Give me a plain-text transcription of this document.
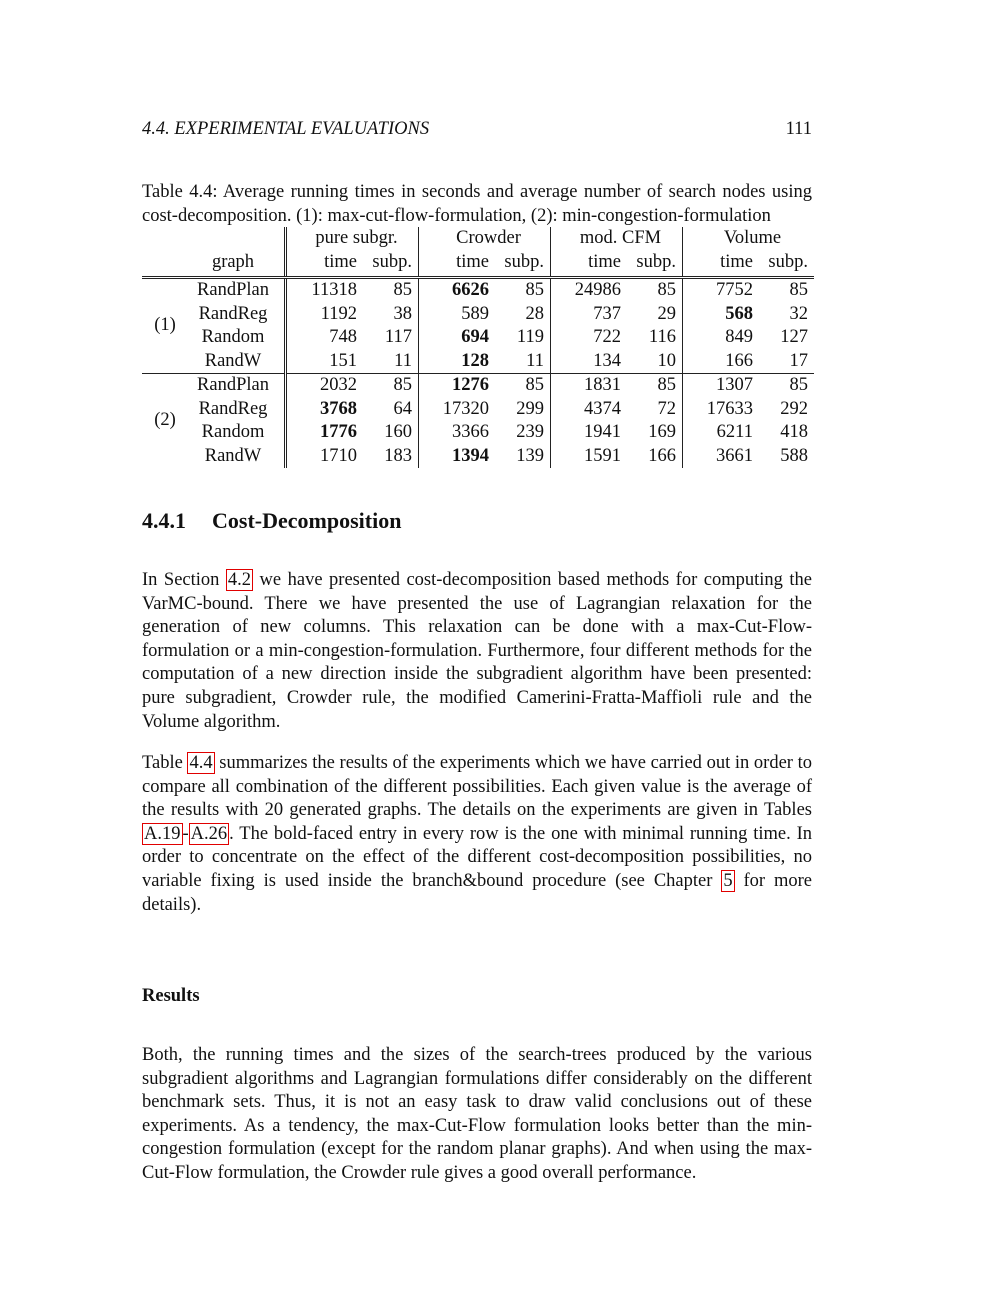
4.4. EXPERIMENTAL EVALUATIONS	111
Table 4.4: Average running times in seconds and average number of search nodes using cost-decomposition. (1): max-cut-flow-formulation, (2): min-congestion-formulation
		pure subgr.		Crowder		mod. CFM		Volume	
	graph	time	subp.	time	subp.	time	subp.	time	subp.
(1)	RandPlan	11318	85	6626	85	24986	85	7752	85
	RandReg	1192	38	589	28	737	29	568	32
	Random	748	117	694	119	722	116	849	127
	RandW	151	11	128	11	134	10	166	17
(2)	RandPlan	2032	85	1276	85	1831	85	1307	85
	RandReg	3768	64	17320	299	4374	72	17633	292
	Random	1776	160	3366	239	1941	169	6211	418
	RandW	1710	183	1394	139	1591	166	3661	588
4.4.1 Cost-Decomposition
In Section 4.2 we have presented cost-decomposition based methods for computing the VarMC-bound. There we have presented the use of Lagrangian relaxation for the generation of new columns. This relaxation can be done with a max-Cut-Flow-formulation or a min-congestion-formulation. Furthermore, four different methods for the computation of a new direction inside the subgradient algorithm have been presented: pure subgradient, Crowder rule, the modified Camerini-Fratta-Maffioli rule and the Volume algorithm.
Table 4.4 summarizes the results of the experiments which we have carried out in order to compare all combination of the different possibilities. Each given value is the average of the results with 20 generated graphs. The details on the experiments are given in Tables A.19 - A.26 . The bold-faced entry in every row is the one with minimal running time. In order to concentrate on the effect of the different cost-decomposition possibilities, no variable fixing is used inside the branch&bound procedure (see Chapter 5 for more details).
Results
Both, the running times and the sizes of the search-trees produced by the various subgradient algorithms and Lagrangian formulations differ considerably on the different benchmark sets. Thus, it is not an easy task to draw valid conclusions out of these experiments. As a tendency, the max-Cut-Flow formulation looks better than the min-congestion formulation (except for the random planar graphs). And when using the max-Cut-Flow formulation, the Crowder rule gives a good overall performance.
